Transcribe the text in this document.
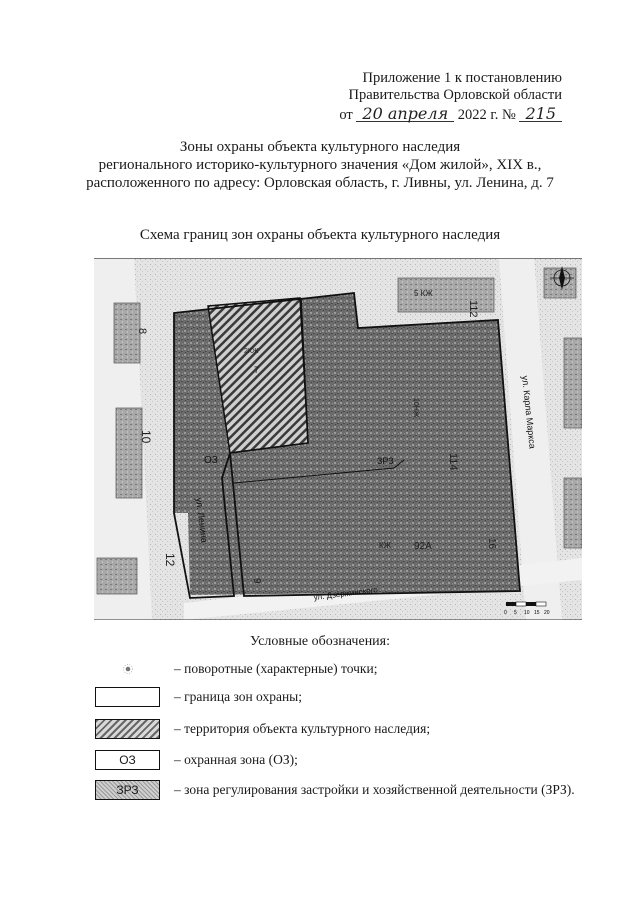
Приложение 1 к постановлению
Правительства Орловской области
от 20 апреля 2022 г. № 215
Зоны охраны объекта культурного наследия
регионального историко-культурного значения «Дом жилой», XIX в.,
расположенного по адресу: Орловская область, г. Ливны, ул. Ленина, д. 7
Схема границ зон охраны объекта культурного наследия
8
10
12
9
112
114
92А	16
7
5 КЖ
КЖ
2КЖ
10НЖ
ОЗ	ЗРЗ
ул. Ленина
ул. Карла Маркса
ул. Дзержинского
0 5 10 15 20
Условные обозначения:
– поворотные (характерные) точки;
– граница зон охраны;
– территория объекта культурного наследия;
ОЗ	– охранная зона (ОЗ);
ЗРЗ	– зона регулирования застройки и хозяйственной деятельности (ЗРЗ).
